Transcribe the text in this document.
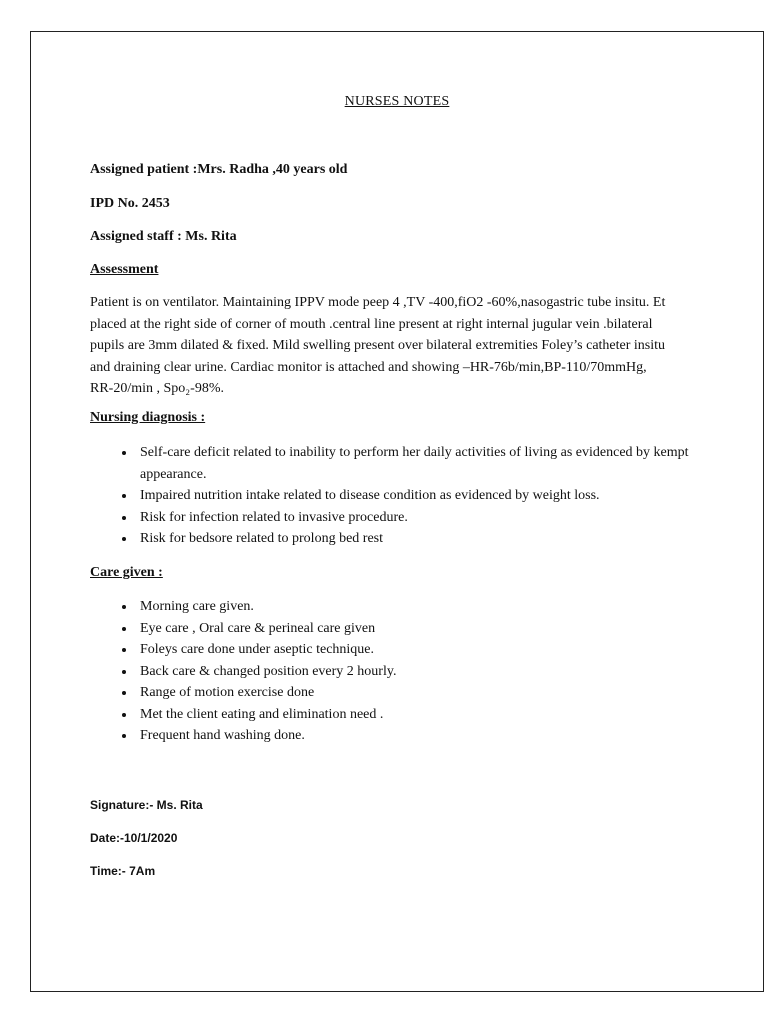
NURSES NOTES
Assigned patient :Mrs. Radha ,40 years old
IPD No. 2453
Assigned staff : Ms. Rita
Assessment
Patient is on ventilator. Maintaining IPPV mode peep 4 ,TV -400,fiO2 -60%,nasogastric tube insitu. Et placed at the right side of corner of mouth .central line present at right internal jugular vein .bilateral pupils are 3mm dilated & fixed. Mild swelling present over bilateral extremities Foley’s catheter insitu and draining clear urine. Cardiac monitor is attached and showing –HR-76b/min,BP-110/70mmHg, RR-20/min , Spo₂-98%.
Nursing diagnosis :
• Self-care deficit related to inability to perform her daily activities of living as evidenced by kempt appearance.
• Impaired nutrition intake related to disease condition as evidenced by weight loss.
• Risk for infection related to invasive procedure.
• Risk for bedsore related to prolong bed rest
Care given :
• Morning care given.
• Eye care , Oral care & perineal care given
• Foleys care done under aseptic technique.
• Back care & changed position every 2 hourly.
• Range of motion exercise done
• Met the client eating and elimination need .
• Frequent hand washing done.
Signature:- Ms. Rita
Date:-10/1/2020
Time:- 7Am
